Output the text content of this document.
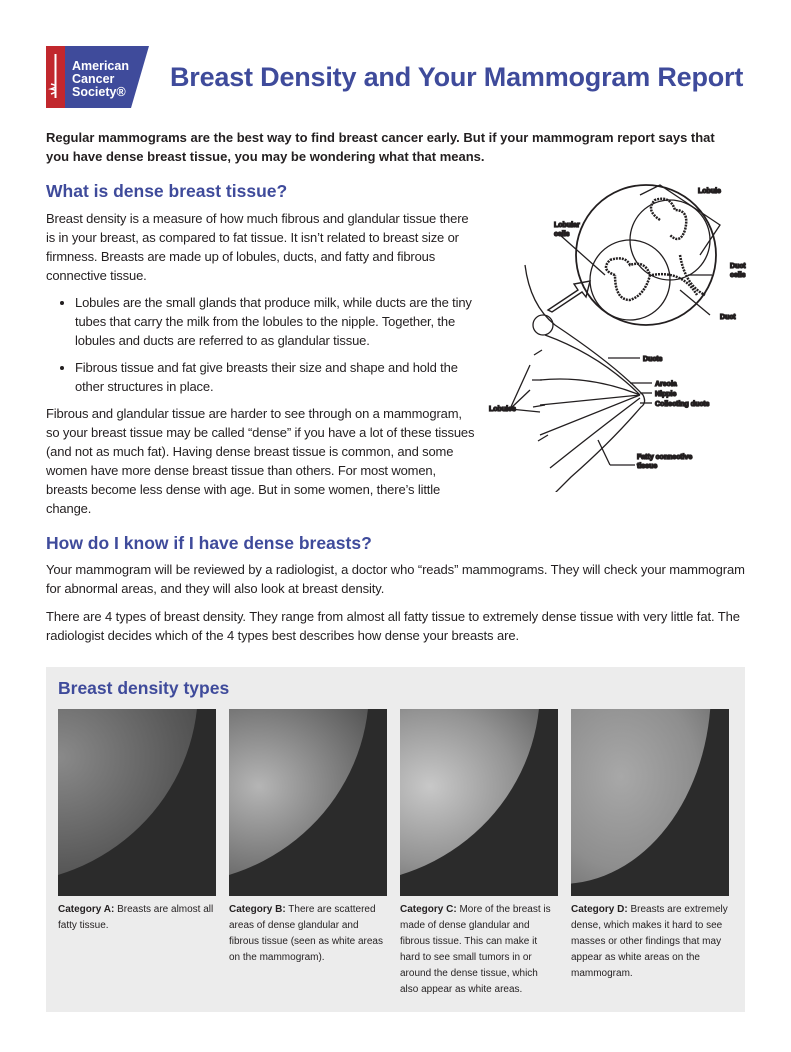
American
Cancer
Society® Breast Density and Your Mammogram Report

Regular mammograms are the best way to find breast cancer early. But if your mammogram report says that you have dense breast tissue, you may be wondering what that means.

What is dense breast tissue?	Lobule
Lobular
cells
Duct
cells
Duct
Ducts
Areola
Nipple
Collecting ducts
Lobules
Fatty connective
tissue

Breast density is a measure of how much fibrous and glandular tissue there is in your breast, as compared to fat tissue. It isn’t related to breast size or firmness. Breasts are made up of lobules, ducts, and fatty and fibrous connective tissue.

• Lobules are the small glands that produce milk, while ducts are the tiny tubes that carry the milk from the lobules to the nipple. Together, the lobules and ducts are referred to as glandular tissue.
• Fibrous tissue and fat give breasts their size and shape and hold the other structures in place.

Fibrous and glandular tissue are harder to see through on a mammogram, so your breast tissue may be called “dense” if you have a lot of these tissues (and not as much fat). Having dense breast tissue is common, and some women have more dense breast tissue than others. For most women, breasts become less dense with age. But in some women, there’s little change.

How do I know if I have dense breasts?

Your mammogram will be reviewed by a radiologist, a doctor who “reads” mammograms. They will check your mammogram for abnormal areas, and they will also look at breast density.

There are 4 types of breast density. They range from almost all fatty tissue to extremely dense tissue with very little fat. The radiologist decides which of the 4 types best describes how dense your breasts are.

Breast density types

Category A: Breasts are almost all fatty tissue.

Category B: There are scattered areas of dense glandular and fibrous tissue (seen as white areas on the mammogram).

Category C: More of the breast is made of dense glandular and fibrous tissue. This can make it hard to see small tumors in or around the dense tissue, which also appear as white areas.

Category D: Breasts are extremely dense, which makes it hard to see masses or other findings that may appear as white areas on the mammogram.
